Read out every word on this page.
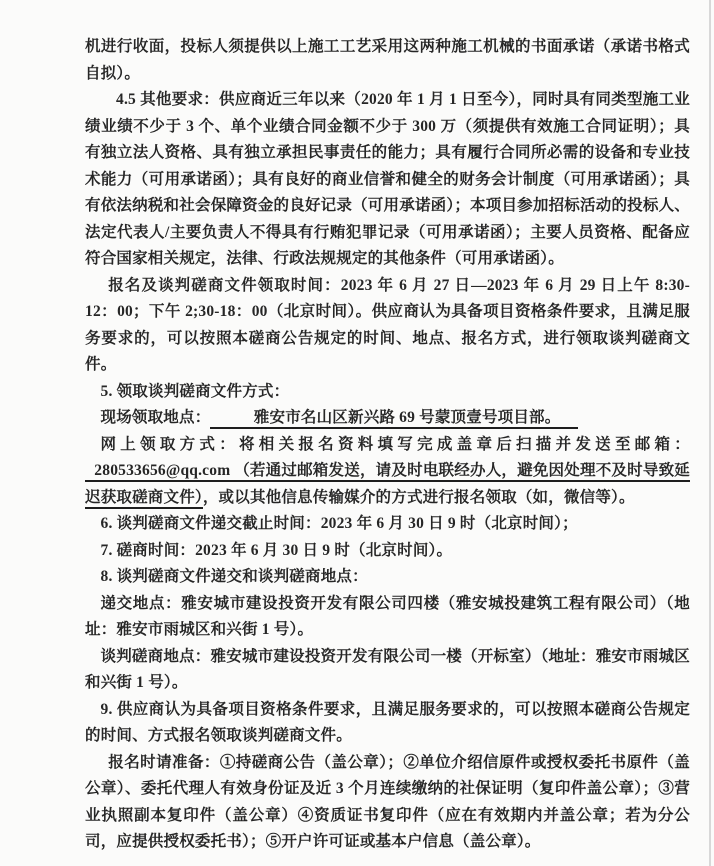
机进行收面，投标人须提供以上施工工艺采用这两种施工机械的书面承诺（承诺书格式自拟）。

4.5 其他要求：供应商近三年以来（2020 年 1 月 1 日至今），同时具有同类型施工业绩业绩不少于 3 个、单个业绩合同金额不少于 300 万（须提供有效施工合同证明）；具有独立法人资格、具有独立承担民事责任的能力；具有履行合同所必需的设备和专业技术能力（可用承诺函）；具有良好的商业信誉和健全的财务会计制度（可用承诺函）；具有依法纳税和社会保障资金的良好记录（可用承诺函）；本项目参加招标活动的投标人、法定代表人/主要负责人不得具有行贿犯罪记录（可用承诺函）；主要人员资格、配备应符合国家相关规定，法律、行政法规规定的其他条件（可用承诺函）。

报名及谈判磋商文件领取时间：2023 年 6 月 27 日—2023 年 6 月 29 日上午 8:30-12：00；下午 2;30-18：00（北京时间）。供应商认为具备项目资格条件要求，且满足服务要求的，可以按照本磋商公告规定的时间、地点、报名方式，进行领取谈判磋商文件。

5. 领取谈判磋商文件方式：

现场领取地点：	雅安市名山区新兴路 69 号蒙顶壹号项目部。

网上领取方式：将相关报名资料填写完成盖章后扫描并发送至邮箱：280533656@qq.com （若通过邮箱发送，请及时电联经办人，避免因处理不及时导致延迟获取磋商文件），或以其他信息传输媒介的方式进行报名领取（如，微信等）。

6. 谈判磋商文件递交截止时间：2023 年 6 月 30 日 9 时（北京时间）；

7. 磋商时间：2023 年 6 月 30 日 9 时（北京时间）。

8. 谈判磋商文件递交和谈判磋商地点：

递交地点：雅安城市建设投资开发有限公司四楼（雅安城投建筑工程有限公司）（地址：雅安市雨城区和兴街 1 号）。

谈判磋商地点：雅安城市建设投资开发有限公司一楼（开标室）（地址：雅安市雨城区和兴街 1 号）。

9. 供应商认为具备项目资格条件要求，且满足服务要求的，可以按照本磋商公告规定的时间、方式报名领取谈判磋商文件。

报名时请准备：①持磋商公告（盖公章）；②单位介绍信原件或授权委托书原件（盖公章）、委托代理人有效身份证及近 3 个月连续缴纳的社保证明（复印件盖公章）；③营业执照副本复印件（盖公章）④资质证书复印件（应在有效期内并盖公章；若为分公司，应提供授权委托书）；⑤开户许可证或基本户信息（盖公章）。
